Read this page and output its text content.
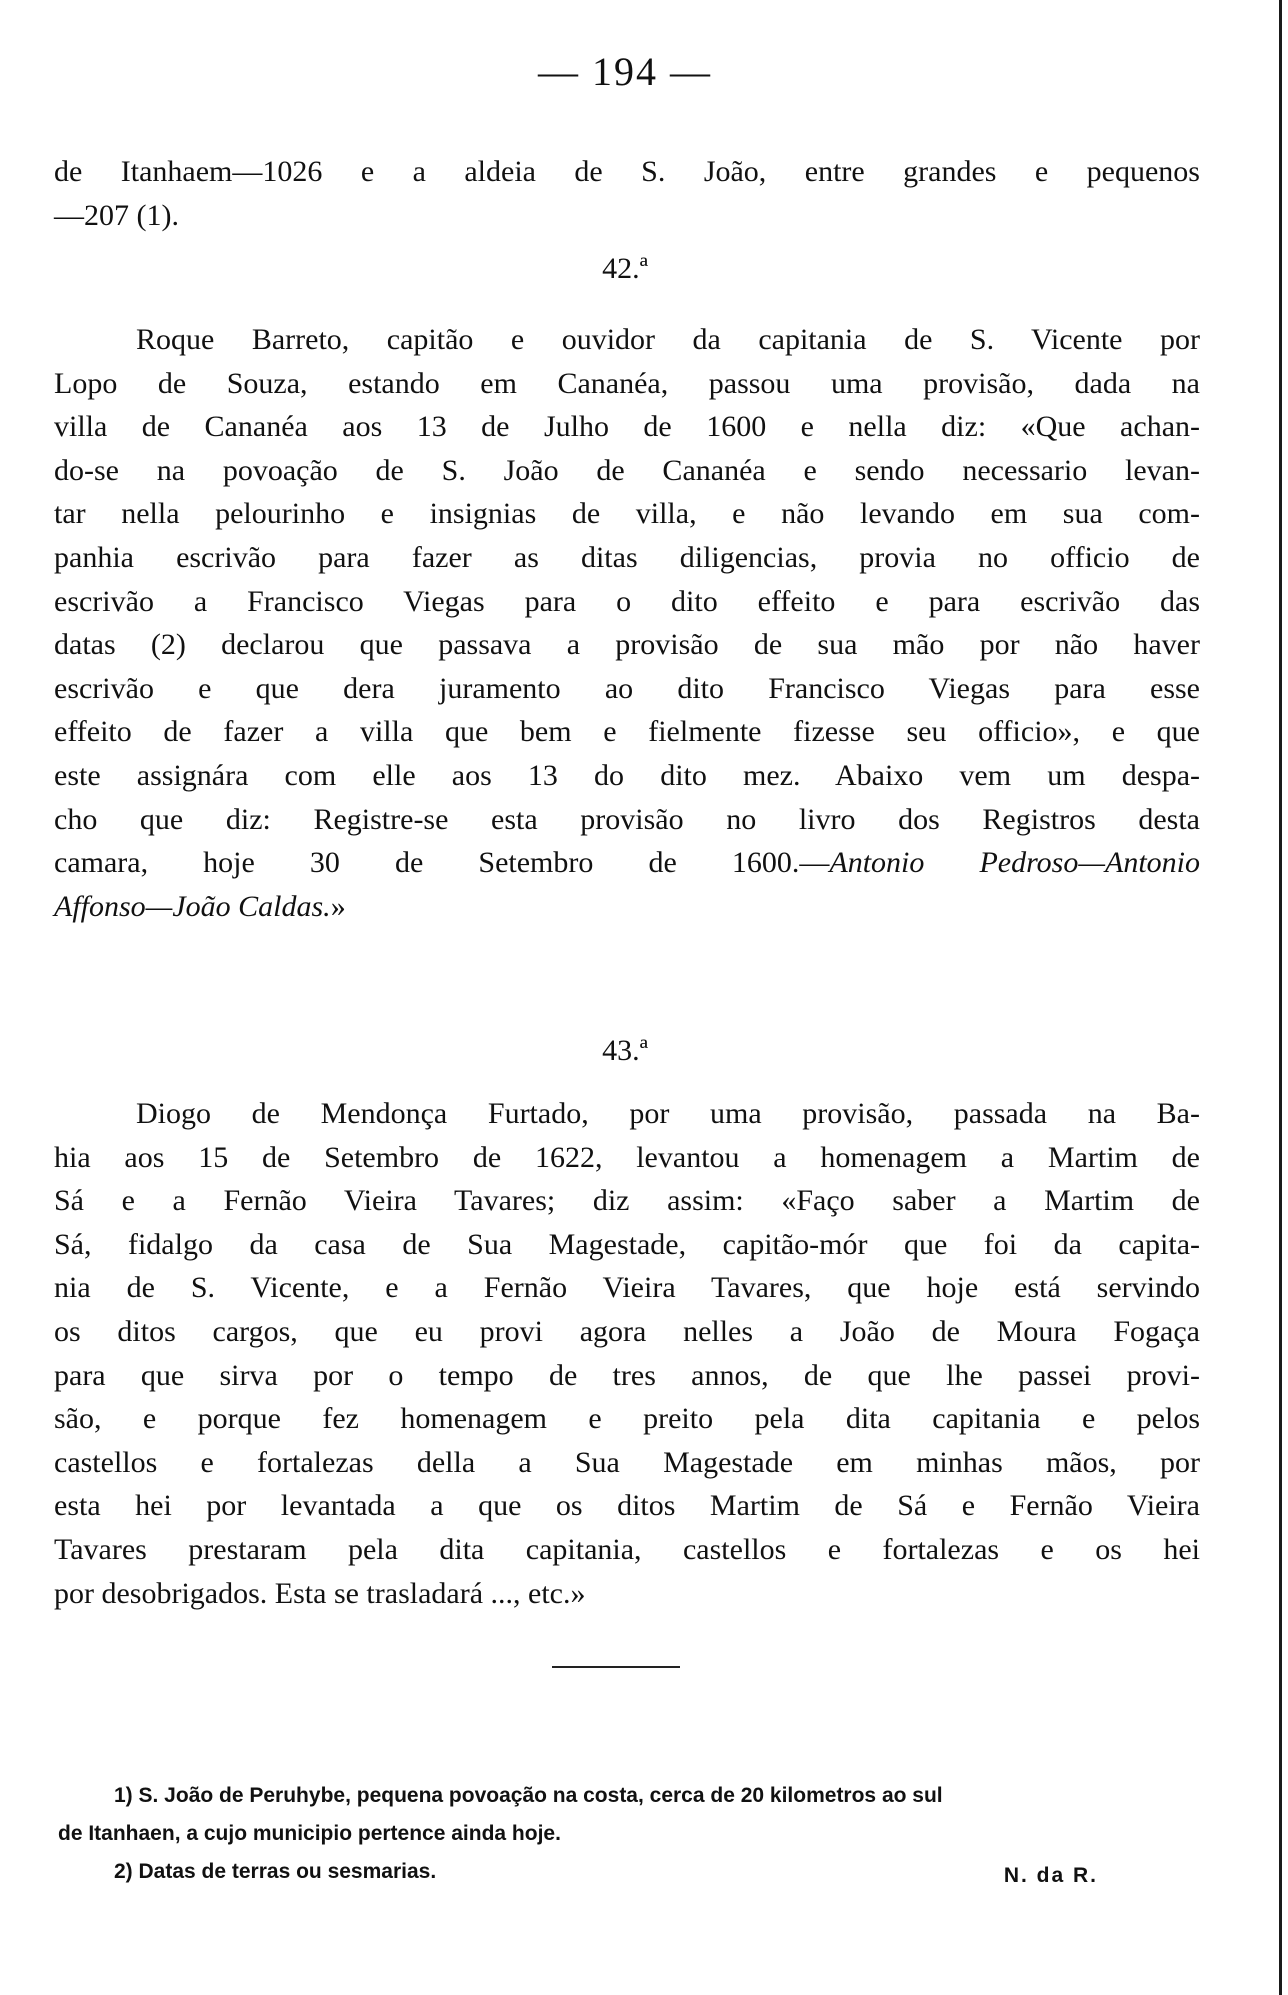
— 194 —
de Itanhaem—1026 e a aldeia de S. João, entre grandes e pequenos
—207 (1).
42.ª
Roque Barreto, capitão e ouvidor da capitania de S. Vicente por
Lopo de Souza, estando em Cananéa, passou uma provisão, dada na
villa de Cananéa aos 13 de Julho de 1600 e nella diz: «Que achan-
do-se na povoação de S. João de Cananéa e sendo necessario levan-
tar nella pelourinho e insignias de villa, e não levando em sua com-
panhia escrivão para fazer as ditas diligencias, provia no officio de
escrivão a Francisco Viegas para o dito effeito e para escrivão das
datas (2) declarou que passava a provisão de sua mão por não haver
escrivão e que dera juramento ao dito Francisco Viegas para esse
effeito de fazer a villa que bem e fielmente fizesse seu officio», e que
este assignára com elle aos 13 do dito mez. Abaixo vem um despa-
cho que diz: Registre-se esta provisão no livro dos Registros desta
camara, hoje 30 de Setembro de 1600.—Antonio Pedroso—Antonio
Affonso—João Caldas.»
43.ª
Diogo de Mendonça Furtado, por uma provisão, passada na Ba-
hia aos 15 de Setembro de 1622, levantou a homenagem a Martim de
Sá e a Fernão Vieira Tavares; diz assim: «Faço saber a Martim de
Sá, fidalgo da casa de Sua Magestade, capitão-mór que foi da capita-
nia de S. Vicente, e a Fernão Vieira Tavares, que hoje está servindo
os ditos cargos, que eu provi agora nelles a João de Moura Fogaça
para que sirva por o tempo de tres annos, de que lhe passei provi-
são, e porque fez homenagem e preito pela dita capitania e pelos
castellos e fortalezas della a Sua Magestade em minhas mãos, por
esta hei por levantada a que os ditos Martim de Sá e Fernão Vieira
Tavares prestaram pela dita capitania, castellos e fortalezas e os hei
por desobrigados. Esta se trasladará ..., etc.»
1) S. João de Peruhybe, pequena povoação na costa, cerca de 20 kilometros ao sul
de Itanhaen, a cujo municipio pertence ainda hoje.
2) Datas de terras ou sesmarias.	N. da R.
